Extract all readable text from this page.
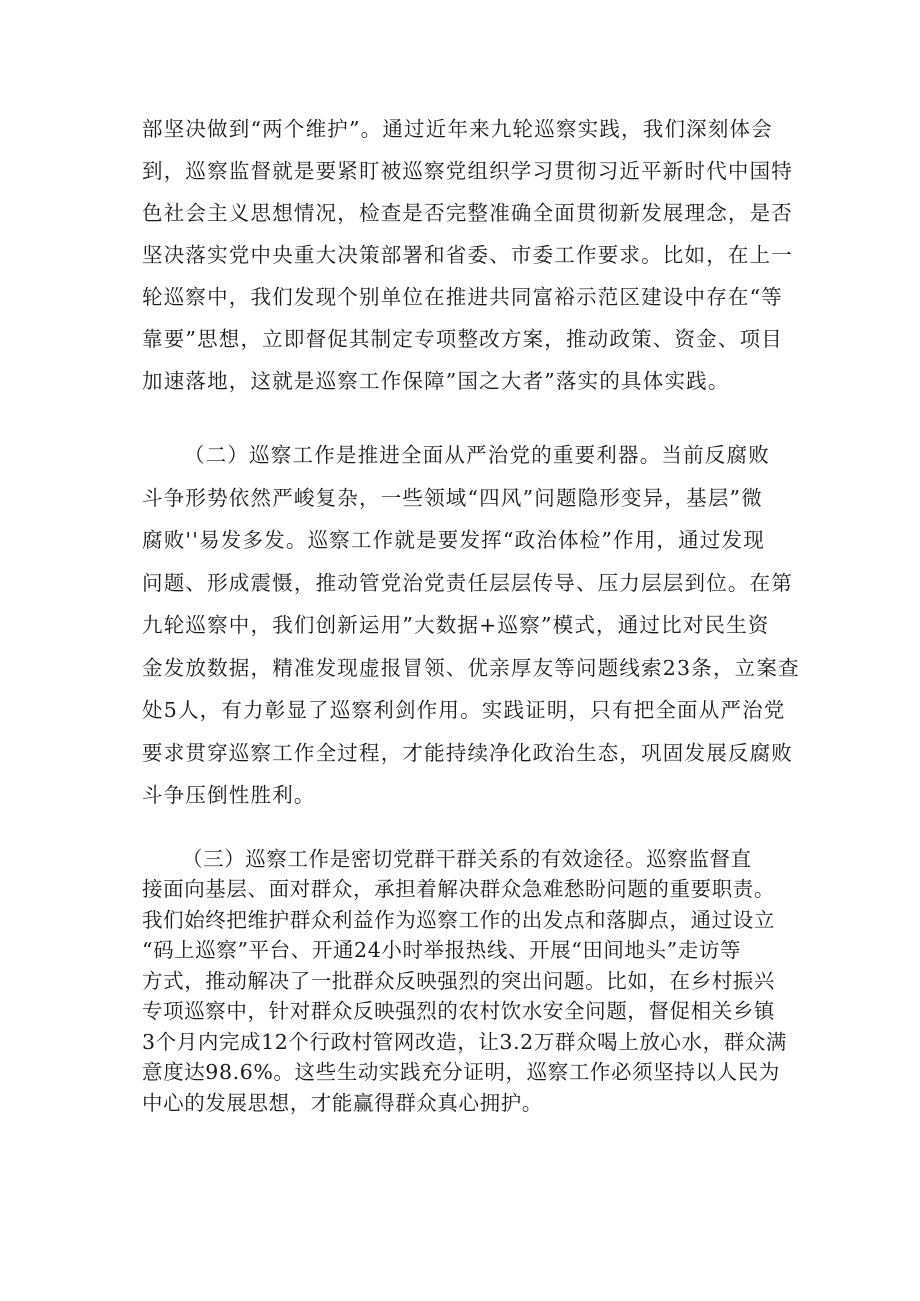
部坚决做到“两个维护”。通过近年来九轮巡察实践，我们深刻体会
到，巡察监督就是要紧盯被巡察党组织学习贯彻习近平新时代中国特
色社会主义思想情况，检查是否完整准确全面贯彻新发展理念，是否
坚决落实党中央重大决策部署和省委、市委工作要求。比如，在上一
轮巡察中，我们发现个别单位在推进共同富裕示范区建设中存在“等
靠要”思想，立即督促其制定专项整改方案，推动政策、资金、项目
加速落地，这就是巡察工作保障”国之大者”落实的具体实践。
（二）巡察工作是推进全面从严治党的重要利器。当前反腐败
斗争形势依然严峻复杂，一些领域“四风”问题隐形变异，基层”微
腐败''易发多发。巡察工作就是要发挥“政治体检”作用，通过发现
问题、形成震慑，推动管党治党责任层层传导、压力层层到位。在第
九轮巡察中，我们创新运用”大数据+巡察”模式，通过比对民生资
金发放数据，精准发现虚报冒领、优亲厚友等问题线索23条，立案查
处5人，有力彰显了巡察利剑作用。实践证明，只有把全面从严治党
要求贯穿巡察工作全过程，才能持续净化政治生态，巩固发展反腐败
斗争压倒性胜利。
（三）巡察工作是密切党群干群关系的有效途径。巡察监督直
接面向基层、面对群众，承担着解决群众急难愁盼问题的重要职责。
我们始终把维护群众利益作为巡察工作的出发点和落脚点，通过设立
“码上巡察”平台、开通24小时举报热线、开展“田间地头”走访等
方式，推动解决了一批群众反映强烈的突出问题。比如，在乡村振兴
专项巡察中，针对群众反映强烈的农村饮水安全问题，督促相关乡镇
3个月内完成12个行政村管网改造，让3.2万群众喝上放心水，群众满
意度达98.6%。这些生动实践充分证明，巡察工作必须坚持以人民为
中心的发展思想，才能赢得群众真心拥护。
